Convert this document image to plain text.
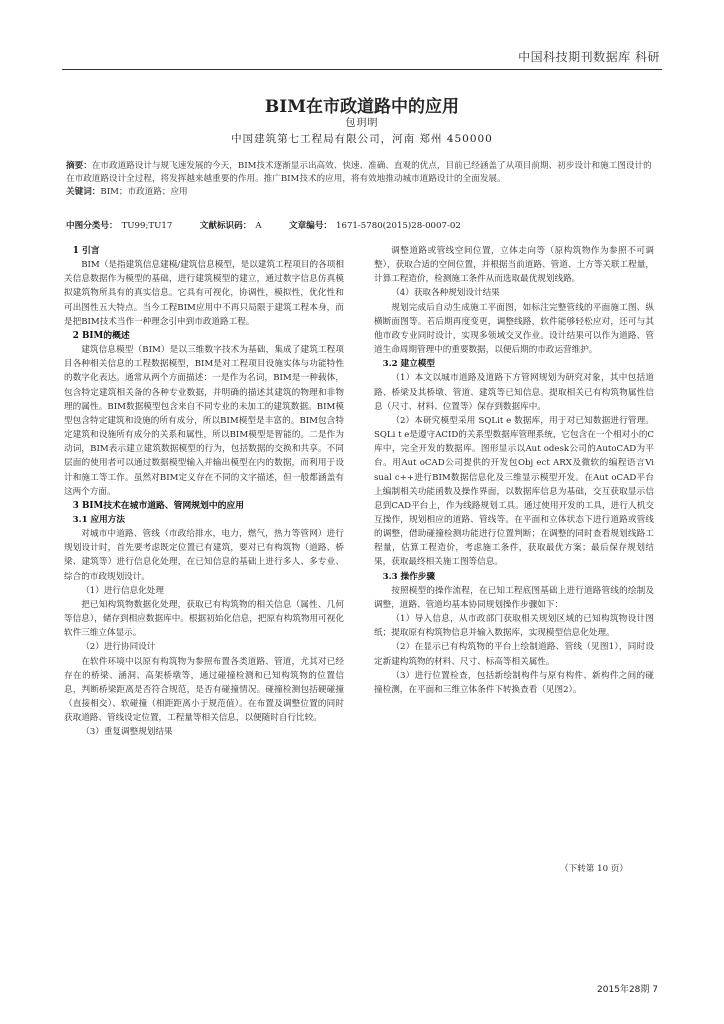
中国科技期刊数据库 科研
BIM在市政道路中的应用
包玥明
中国建筑第七工程局有限公司，河南 郑州 450000
摘要：在市政道路设计与规飞速发展的今天，BIM技术逐渐显示出高效、快速、准确、直观的优点，目前已经涵盖了从项目前期、初步设计和施工图设计的在市政道路设计全过程，将发挥越来越重要的作用。推广BIM技术的应用，将有效地推动城市道路设计的全面发展。
关键词：BIM；市政道路；应用
中图分类号： TU99;TU17	文献标识码： A	文章编号： 1671-5780(2015)28-0007-02
1 引言

BIM（是指建筑信息建模/建筑信息模型，是以建筑工程项目的各项相关信息数据作为模型的基础，进行建筑模型的建立，通过数字信息仿真模拟建筑物所具有的真实信息。它具有可视化，协调性，模拟性，优化性和可出图性五大特点。当今工程BIM应用中不再只局限于建筑工程本身，而是把BIM技术当作一种理念引申到市政道路工程。

2 BIM的概述

建筑信息模型（BIM）是以三维数字技术为基础，集成了建筑工程项目各种相关信息的工程数据模型，BIM是对工程项目设施实体与功能特性的数字化表达。通常从两个方面描述：一是作为名词，BIM是一种载体，包含特定建筑相关备的各种专业数据，并明确的描述其建筑的物理和非物理的属性。BIM数据模型包含来自不同专业的未加工的建筑数据。BIM模型包含特定建筑和设施的所有成分，所以BIM模型是丰富的。BIM包含特定建筑和设施所有成分的关系和属性，所以BIM模型是智能的。二是作为动词，BIM表示建立建筑数据模型的行为，包括数据的交换和共享。不同层面的使用者可以通过数据模型输入并输出模型在内的数据，而利用于设计和施工等工作。虽然对BIM定义存在不同的文字描述，但一般都涵盖有这两个方面。

3 BIM技术在城市道路、管网规划中的应用
3.1 应用方法

对城市中道路、管线（市政给排水，电力，燃气，热力等管网）进行规划设计时，首先要考虑既定位置已有建筑，要对已有构筑物（道路、桥梁、建筑等）进行信息化处理，在已知信息的基础上进行多人、多专业、综合的市政规划设计。

（1）进行信息化处理

把已知构筑物数据化处理，获取已有构筑物的相关信息（属性、几何等信息），储存到相应数据库中。根据初始化信息，把原有构筑物用可视化软件三维立体显示。

（2）进行协同设计

在软件环境中以原有构筑物为参照布置各类道路、管道，尤其对已经存在的桥梁、涵洞、高架桥墩等，通过碰撞检测和已知构筑物的位置信息，判断桥梁距离是否符合规范，是否有碰撞情况。碰撞检测包括硬碰撞（直接相交）、软碰撞（相距距离小于规范值）。在布置及调整位置的同时获取道路、管线设定位置，工程量等相关信息，以便随时自行比较。

（3）重复调整规划结果

调整道路或管线空间位置，立体走向等（原构筑物作为参照不可调整），获取合适的空间位置，并根据当前道路、管道、土方等关联工程量，计算工程造价，检测施工条件从而选取最优规划线路。

（4）获取各种规划设计结果

规划完成后自动生成施工平面图，如标注完整管线的平面施工图、纵横断面图等。若后期再度变更，调整线路，软件能够轻松应对，还可与其他市政专业同时设计，实现多领域交叉作业。设计结果可以作为道路、管道生命周期管理中的重要数据，以便后期的市政运营维护。

3.2 建立模型

（1）本文以城市道路及道路下方管网规划为研究对象，其中包括道路、桥梁及其桥墩、管道、建筑等已知信息。提取相关已有构筑物属性信息（尺寸、材料、位置等）保存到数据库中。

（2）本研究模型采用 SQLit e 数据库，用于对已知数据进行管理。SQLi t e是遵守ACID的关系型数据库管理系统，它包含在一个相对小的C库中，完全开发的数据库。图形显示以Aut odesk公司的AutoCAD为平台。用Aut oCAD公司提供的开发包Obj ect ARX及微软的编程语言Vi sual c++进行BIM数据信息化及三维显示模型开发。在Aut oCAD平台上编制相关功能函数及操作界面，以数据库信息为基础，交互获取显示信息到CAD平台上，作为线路规划工具。通过使用开发的工具，进行人机交互操作，规划相应的道路、管线等。在平面和立体状态下进行道路或管线的调整，借助碰撞检测功能进行位置判断；在调整的同时查看规划线路工程量，估算工程造价，考虑施工条件，获取最优方案；最后保存规划结果，获取最终相关施工图等信息。

3.3 操作步骤

按照模型的操作流程，在已知工程底图基础上进行道路管线的绘制及调整，道路、管道均基本协同规划操作步骤如下：

（1）导入信息，从市政部门获取相关规划区域的已知构筑物设计图纸；提取原有构筑物信息并输入数据库，实现模型信息化处理。

（2）在显示已有构筑物的平台上绘制道路、管线（见图1），同时设定新建构筑物的材料、尺寸、标高等相关属性。

（3）进行位置检查，包括新绘制构件与原有构件、新构件之间的碰撞检测，在平面和三维立体条件下转换查看（见图2）。

（下转第 10 页）
2015年28期 7
